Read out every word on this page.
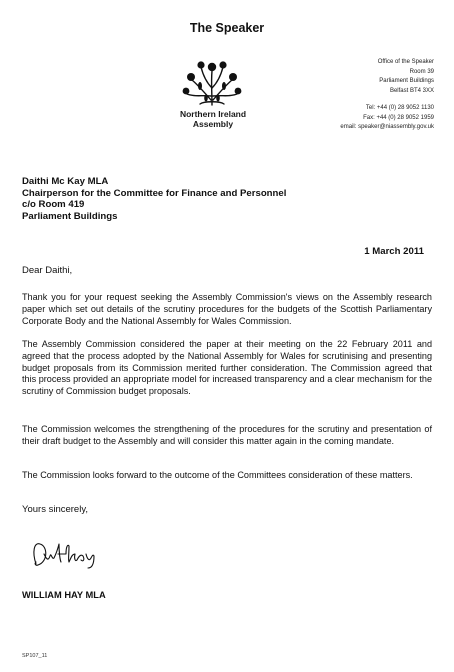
The Speaker
Northern Ireland
Assembly
Office of the Speaker
Room 39
Parliament Buildings
Belfast BT4 3XX
Tel: +44 (0) 28 9052 1130
Fax: +44 (0) 28 9052 1959
email: speaker@niassembly.gov.uk
Daithi Mc Kay MLA
Chairperson for the Committee for Finance and Personnel
c/o Room 419
Parliament Buildings
1 March 2011
Dear Daithi,
Thank you for your request seeking the Assembly Commission's views on the Assembly research paper which set out details of the scrutiny procedures for the budgets of the Scottish Parliamentary Corporate Body and the National Assembly for Wales Commission.
The Assembly Commission considered the paper at their meeting on the 22 February 2011 and agreed that the process adopted by the National Assembly for Wales for scrutinising and presenting budget proposals from its Commission merited further consideration. The Commission agreed that this process provided an appropriate model for increased transparency and a clear mechanism for the scrutiny of Commission budget proposals.
The Commission welcomes the strengthening of the procedures for the scrutiny and presentation of their draft budget to the Assembly and will consider this matter again in the coming mandate.
The Commission looks forward to the outcome of the Committees consideration of these matters.
Yours sincerely,
WILLIAM HAY MLA
SP107_11
